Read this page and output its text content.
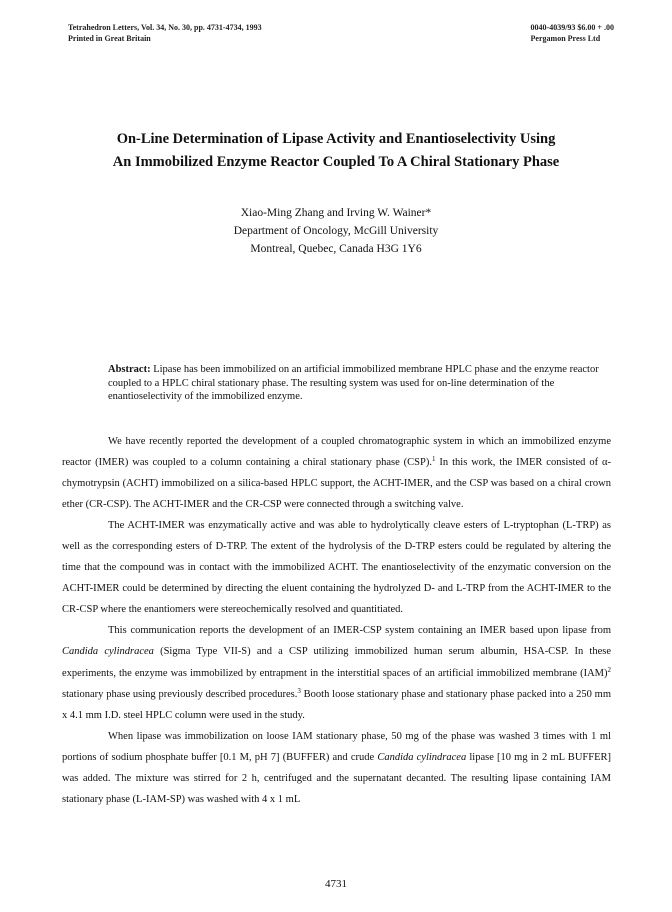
Tetrahedron Letters, Vol. 34, No. 30, pp. 4731-4734, 1993
Printed in Great Britain
0040-4039/93 $6.00 + .00
Pergamon Press Ltd
On-Line Determination of Lipase Activity and Enantioselectivity Using
An Immobilized Enzyme Reactor Coupled To A Chiral Stationary Phase
Xiao-Ming Zhang and Irving W. Wainer*
Department of Oncology, McGill University
Montreal, Quebec, Canada H3G 1Y6
Abstract: Lipase has been immobilized on an artificial immobilized membrane HPLC phase and the enzyme reactor coupled to a HPLC chiral stationary phase. The resulting system was used for on-line determination of the enantioselectivity of the immobilized enzyme.

We have recently reported the development of a coupled chromatographic system in which an immobilized enzyme reactor (IMER) was coupled to a column containing a chiral stationary phase (CSP).$^1$ In this work, the IMER consisted of α-chymotrypsin (ACHT) immobilized on a silica-based HPLC support, the ACHT-IMER, and the CSP was based on a chiral crown ether (CR-CSP). The ACHT-IMER and the CR-CSP were connected through a switching valve.

The ACHT-IMER was enzymatically active and was able to hydrolytically cleave esters of L-tryptophan (L-TRP) as well as the corresponding esters of D-TRP. The extent of the hydrolysis of the D-TRP esters could be regulated by altering the time that the compound was in contact with the immobilized ACHT. The enantioselectivity of the enzymatic conversion on the ACHT-IMER could be determined by directing the eluent containing the hydrolyzed D- and L-TRP from the ACHT-IMER to the CR-CSP where the enantiomers were stereochemically resolved and quantitiated.

This communication reports the development of an IMER-CSP system containing an IMER based upon lipase from Candida cylindracea (Sigma Type VII-S) and a CSP utilizing immobilized human serum albumin, HSA-CSP. In these experiments, the enzyme was immobilized by entrapment in the interstitial spaces of an artificial immobilized membrane (IAM)$^2$ stationary phase using previously described procedures.$^3$ Booth loose stationary phase and stationary phase packed into a 250 mm x 4.1 mm I.D. steel HPLC column were used in the study.

When lipase was immobilization on loose IAM stationary phase, 50 mg of the phase was washed 3 times with 1 ml portions of sodium phosphate buffer [0.1 M, pH 7] (BUFFER) and crude Candida cylindracea lipase [10 mg in 2 mL BUFFER] was added. The mixture was stirred for 2 h, centrifuged and the supernatant decanted. The resulting lipase containing IAM stationary phase (L-IAM-SP) was washed with 4 x 1 mL

4731
